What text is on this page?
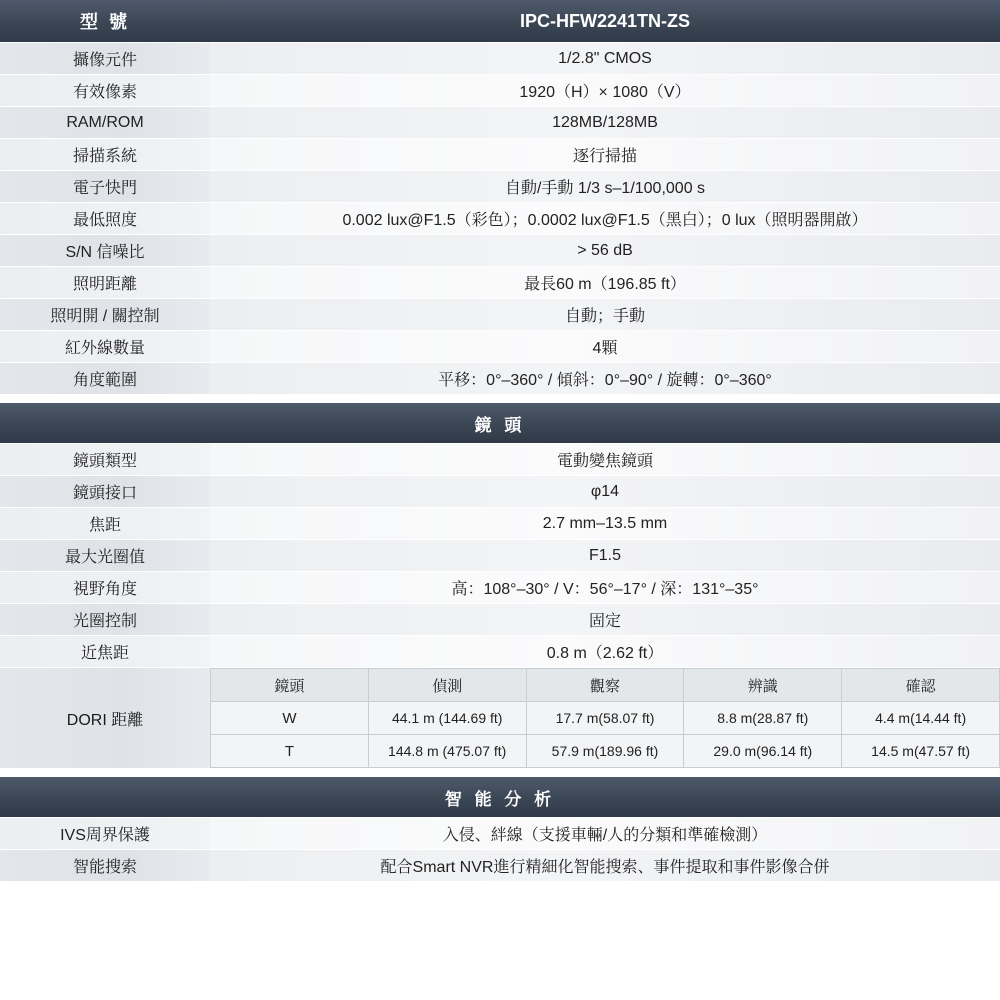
型 號	IPC-HFW2241TN-ZS
攝像元件	1/2.8" CMOS
有效像素	1920（H）× 1080（V）
RAM/ROM	128MB/128MB
掃描系統	逐行掃描
電子快門	自動/手動 1/3 s–1/100,000 s
最低照度	0.002 lux@F1.5（彩色）；0.0002 lux@F1.5（黑白）；0 lux（照明器開啟）
S/N 信噪比	> 56 dB
照明距離	最長60 m（196.85 ft）
照明開 / 關控制	自動；手動
紅外線數量	4顆
角度範圍	平移：0°–360° / 傾斜：0°–90° / 旋轉：0°–360°

鏡 頭
鏡頭類型	電動變焦鏡頭
鏡頭接口	φ14
焦距	2.7 mm–13.5 mm
最大光圈值	F1.5
視野角度	高：108°–30° / V：56°–17° / 深：131°–35°
光圈控制	固定
近焦距	0.8 m（2.62 ft）
DORI 距離	
鏡頭	偵測	觀察	辨識	確認
W	44.1 m (144.69 ft)	17.7 m(58.07 ft)	8.8 m(28.87 ft)	4.4 m(14.44 ft)
T	144.8 m (475.07 ft)	57.9 m(189.96 ft)	29.0 m(96.14 ft)	14.5 m(47.57 ft)

智 能 分 析
IVS周界保護	入侵、絆線（支援車輛/人的分類和準確檢測）
智能搜索	配合Smart NVR進行精細化智能搜索、事件提取和事件影像合併
